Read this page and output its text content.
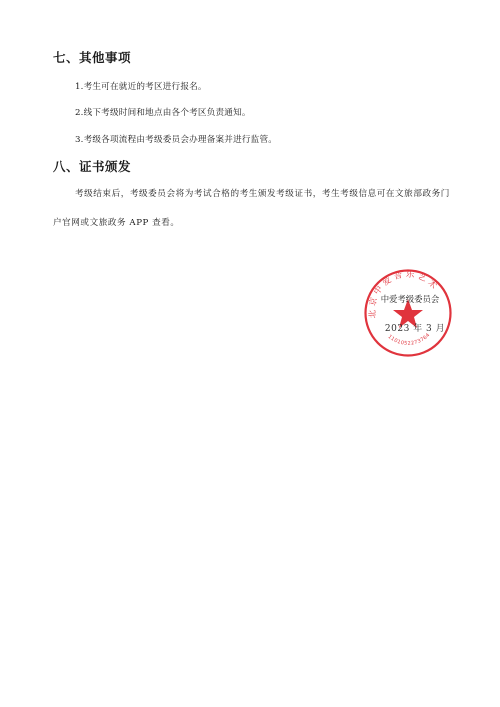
七、其他事项
1.考生可在就近的考区进行报名。
2.线下考级时间和地点由各个考区负责通知。
3.考级各项流程由考级委员会办理备案并进行监管。
八、证书颁发
考级结束后，考级委员会将为考试合格的考生颁发考级证书，考生考级信息可在文旅部政务门户官网或文旅政务 APP 查看。
北京中爱音乐艺术
1101052273764
中爱考级委员会
2023 年 3 月
